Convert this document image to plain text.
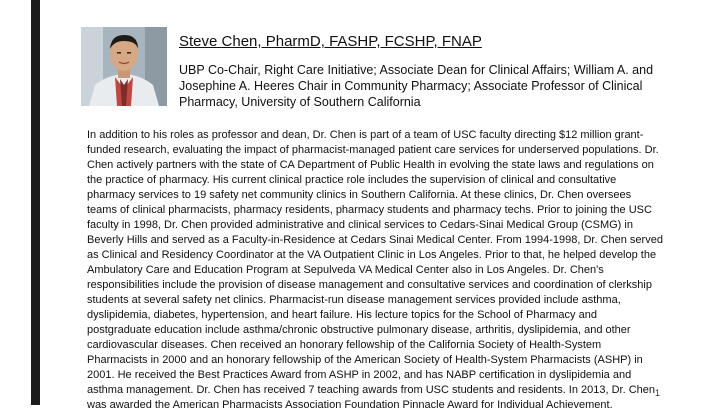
Steve Chen, PharmD, FASHP, FCSHP, FNAP
UBP Co-Chair, Right Care Initiative; Associate Dean for Clinical Affairs; William A. and Josephine A. Heeres Chair in Community Pharmacy; Associate Professor of Clinical Pharmacy, University of Southern California
In addition to his roles as professor and dean, Dr. Chen is part of a team of USC faculty directing $12 million grant-funded research, evaluating the impact of pharmacist-managed patient care services for underserved populations. Dr. Chen actively partners with the state of CA Department of Public Health in evolving the state laws and regulations on the practice of pharmacy. His current clinical practice role includes the supervision of clinical and consultative pharmacy services to 19 safety net community clinics in Southern California. At these clinics, Dr. Chen oversees teams of clinical pharmacists, pharmacy residents, pharmacy students and pharmacy techs. Prior to joining the USC faculty in 1998, Dr. Chen provided administrative and clinical services to Cedars-Sinai Medical Group (CSMG) in Beverly Hills and served as a Faculty-in-Residence at Cedars Sinai Medical Center. From 1994-1998, Dr. Chen served as Clinical and Residency Coordinator at the VA Outpatient Clinic in Los Angeles. Prior to that, he helped develop the Ambulatory Care and Education Program at Sepulveda VA Medical Center also in Los Angeles. Dr. Chen's responsibilities include the provision of disease management and consultative services and coordination of clerkship students at several safety net clinics. Pharmacist-run disease management services provided include asthma, dyslipidemia, diabetes, hypertension, and heart failure. His lecture topics for the School of Pharmacy and postgraduate education include asthma/chronic obstructive pulmonary disease, arthritis, dyslipidemia, and other cardiovascular diseases. Chen received an honorary fellowship of the California Society of Health-System Pharmacists in 2000 and an honorary fellowship of the American Society of Health-System Pharmacists (ASHP) in 2001. He received the Best Practices Award from ASHP in 2002, and has NABP certification in dyslipidemia and asthma management. Dr. Chen has received 7 teaching awards from USC students and residents. In 2013, Dr. Chen was awarded the American Pharmacists Association Foundation Pinnacle Award for Individual Achievement.
1
